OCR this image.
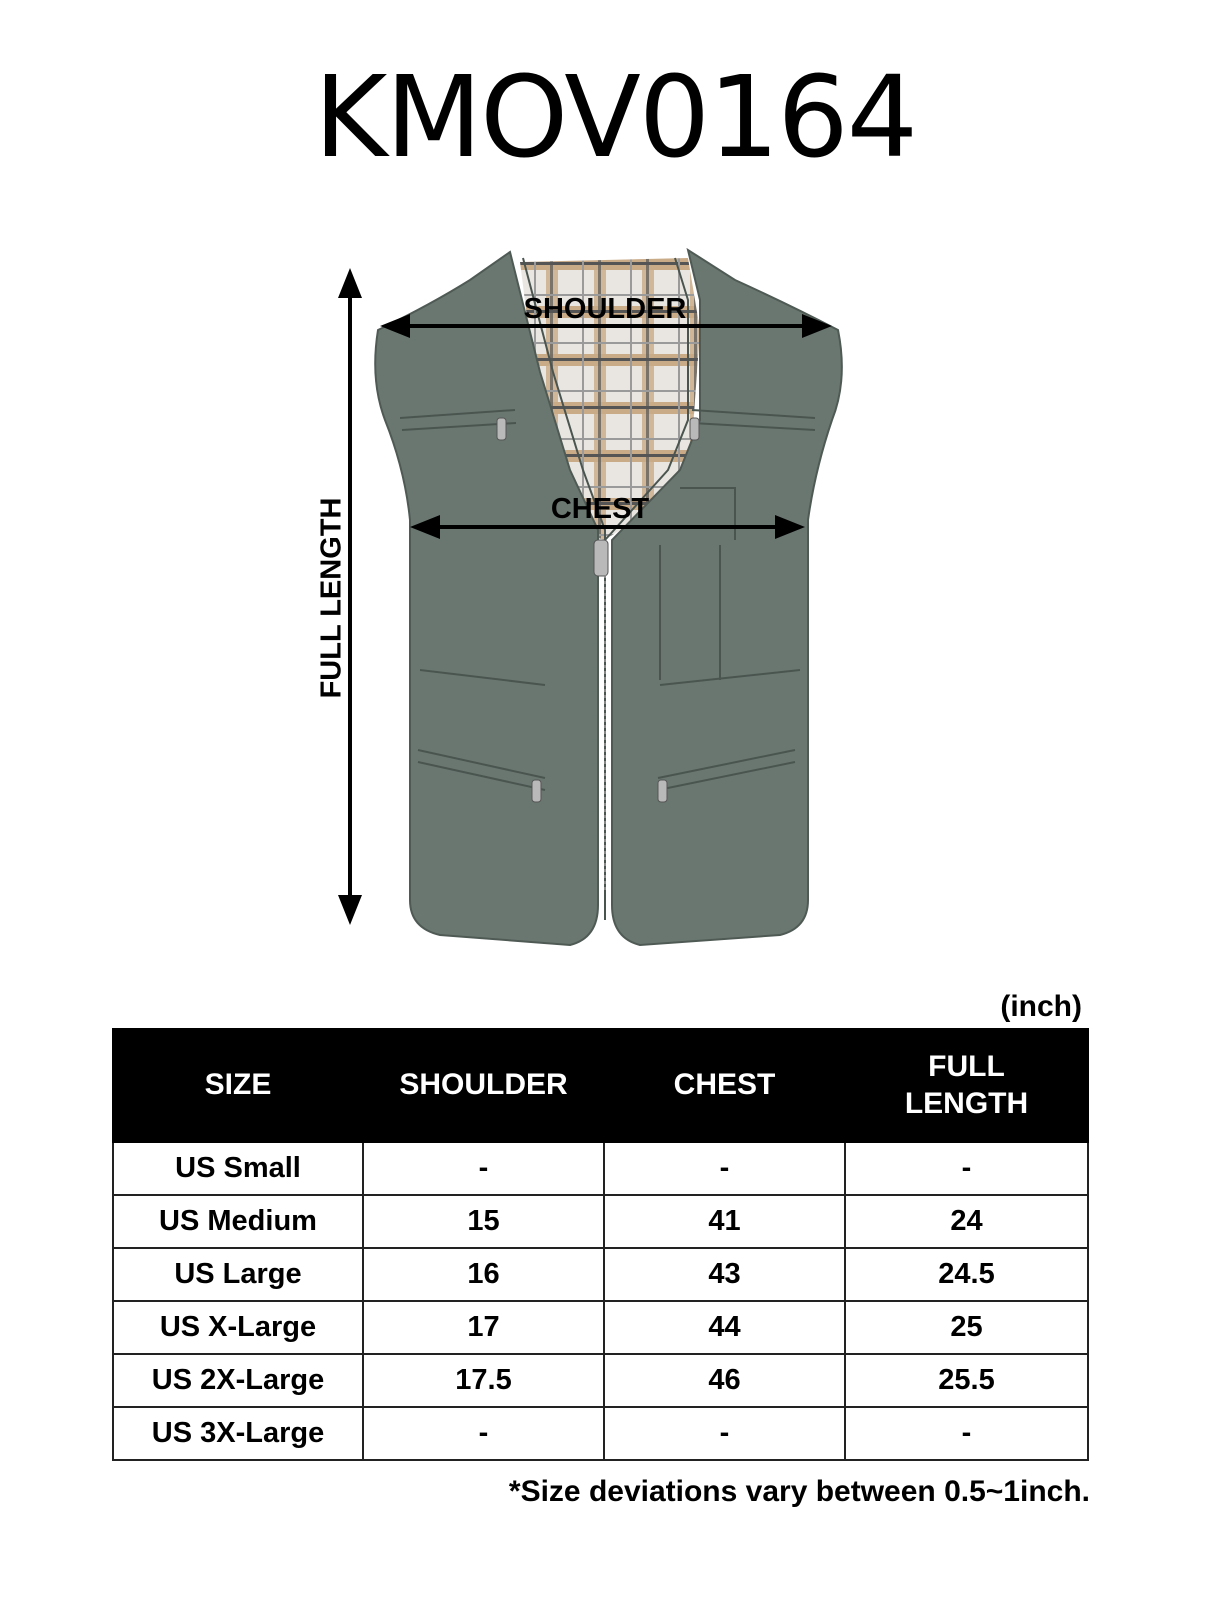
KMOV0164
SHOULDER
CHEST
FULL LENGTH
(inch)
SIZE	SHOULDER	CHEST	FULL
LENGTH
US Small	-	-	-
US Medium	15	41	24
US Large	16	43	24.5
US X-Large	17	44	25
US 2X-Large	17.5	46	25.5
US 3X-Large	-	-	-
*Size deviations vary between 0.5~1inch.
